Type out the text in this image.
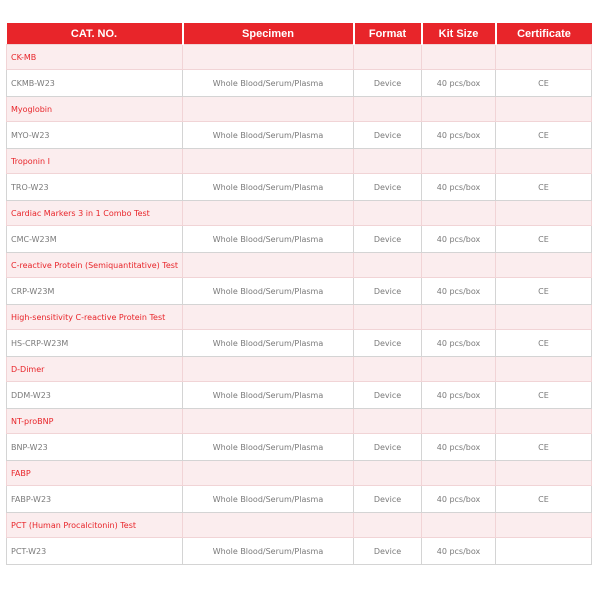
CAT. NO.	Specimen	Format	Kit Size	Certificate
CK-MB				
CKMB-W23	Whole Blood/Serum/Plasma	Device	40 pcs/box	CE
Myoglobin				
MYO-W23	Whole Blood/Serum/Plasma	Device	40 pcs/box	CE
Troponin I				
TRO-W23	Whole Blood/Serum/Plasma	Device	40 pcs/box	CE
Cardiac Markers 3 in 1 Combo Test				
CMC-W23M	Whole Blood/Serum/Plasma	Device	40 pcs/box	CE
C-reactive Protein (Semiquantitative) Test				
CRP-W23M	Whole Blood/Serum/Plasma	Device	40 pcs/box	CE
High-sensitivity C-reactive Protein Test				
HS-CRP-W23M	Whole Blood/Serum/Plasma	Device	40 pcs/box	CE
D-Dimer				
DDM-W23	Whole Blood/Serum/Plasma	Device	40 pcs/box	CE
NT-proBNP				
BNP-W23	Whole Blood/Serum/Plasma	Device	40 pcs/box	CE
FABP				
FABP-W23	Whole Blood/Serum/Plasma	Device	40 pcs/box	CE
PCT (Human Procalcitonin) Test				
PCT-W23	Whole Blood/Serum/Plasma	Device	40 pcs/box	
